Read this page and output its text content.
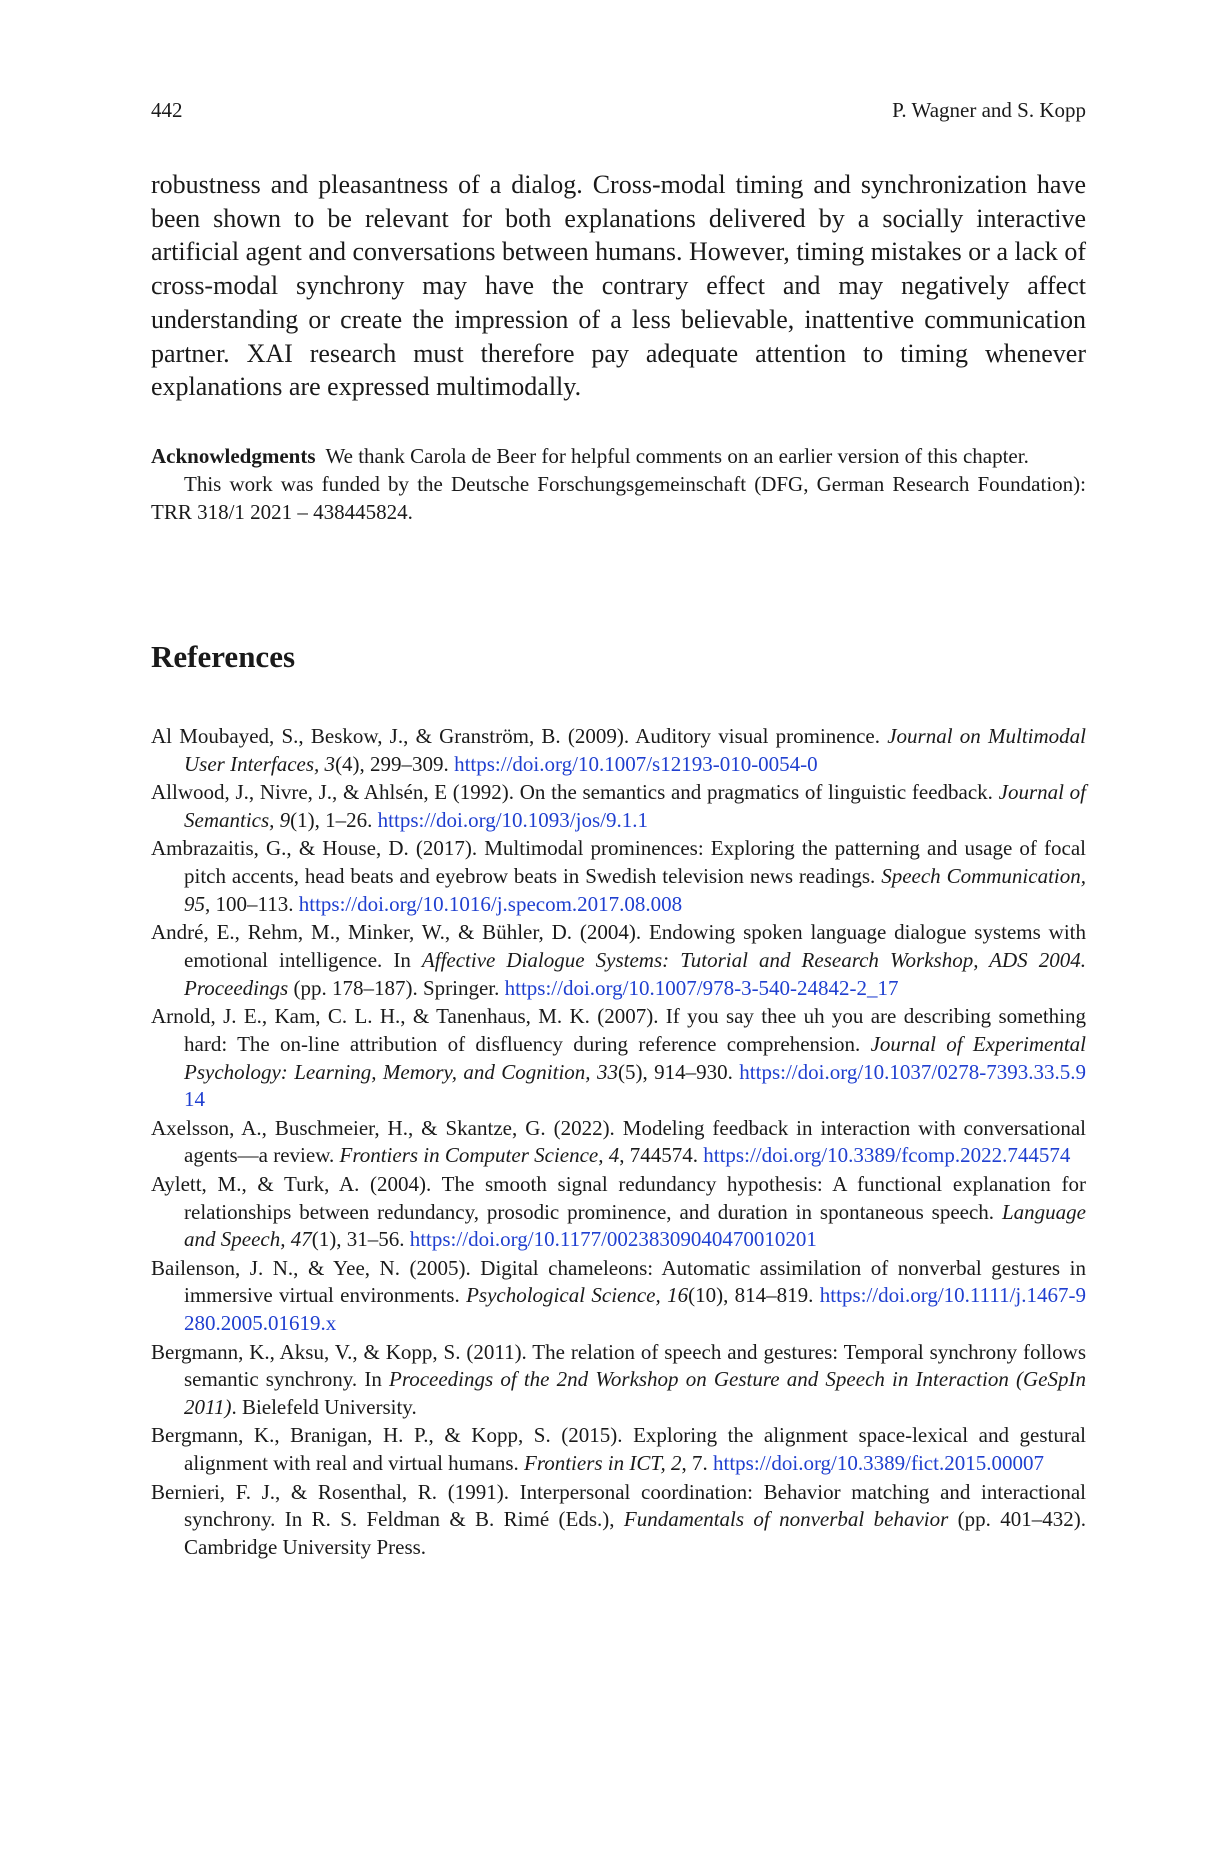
442	P. Wagner and S. Kopp

robustness and pleasantness of a dialog. Cross-modal timing and synchronization have been shown to be relevant for both explanations delivered by a socially interactive artificial agent and conversations between humans. However, timing mistakes or a lack of cross-modal synchrony may have the contrary effect and may negatively affect understanding or create the impression of a less believable, inattentive communication partner. XAI research must therefore pay adequate attention to timing whenever explanations are expressed multimodally.

Acknowledgments We thank Carola de Beer for helpful comments on an earlier version of this chapter.

This work was funded by the Deutsche Forschungsgemeinschaft (DFG, German Research Foundation): TRR 318/1 2021 – 438445824.

References
Al Moubayed, S., Beskow, J., & Granström, B. (2009). Auditory visual prominence. Journal on Multimodal User Interfaces, 3(4), 299–309. https://doi.org/10.1007/s12193-010-0054-0
Allwood, J., Nivre, J., & Ahlsén, E (1992). On the semantics and pragmatics of linguistic feedback. Journal of Semantics, 9(1), 1–26. https://doi.org/10.1093/jos/9.1.1
Ambrazaitis, G., & House, D. (2017). Multimodal prominences: Exploring the patterning and usage of focal pitch accents, head beats and eyebrow beats in Swedish television news readings. Speech Communication, 95, 100–113. https://doi.org/10.1016/j.specom.2017.08.008
André, E., Rehm, M., Minker, W., & Bühler, D. (2004). Endowing spoken language dialogue systems with emotional intelligence. In Affective Dialogue Systems: Tutorial and Research Workshop, ADS 2004. Proceedings (pp. 178–187). Springer. https://doi.org/10.1007/978-3-540-24842-2_17
Arnold, J. E., Kam, C. L. H., & Tanenhaus, M. K. (2007). If you say thee uh you are describing something hard: The on-line attribution of disfluency during reference comprehension. Journal of Experimental Psychology: Learning, Memory, and Cognition, 33(5), 914–930. https://doi.org/10.1037/0278-7393.33.5.914
Axelsson, A., Buschmeier, H., & Skantze, G. (2022). Modeling feedback in interaction with conversational agents—a review. Frontiers in Computer Science, 4, 744574. https://doi.org/10.3389/fcomp.2022.744574
Aylett, M., & Turk, A. (2004). The smooth signal redundancy hypothesis: A functional explanation for relationships between redundancy, prosodic prominence, and duration in spontaneous speech. Language and Speech, 47(1), 31–56. https://doi.org/10.1177/00238309040470010201
Bailenson, J. N., & Yee, N. (2005). Digital chameleons: Automatic assimilation of nonverbal gestures in immersive virtual environments. Psychological Science, 16(10), 814–819. https://doi.org/10.1111/j.1467-9280.2005.01619.x
Bergmann, K., Aksu, V., & Kopp, S. (2011). The relation of speech and gestures: Temporal synchrony follows semantic synchrony. In Proceedings of the 2nd Workshop on Gesture and Speech in Interaction (GeSpIn 2011). Bielefeld University.
Bergmann, K., Branigan, H. P., & Kopp, S. (2015). Exploring the alignment space-lexical and gestural alignment with real and virtual humans. Frontiers in ICT, 2, 7. https://doi.org/10.3389/fict.2015.00007
Bernieri, F. J., & Rosenthal, R. (1991). Interpersonal coordination: Behavior matching and interactional synchrony. In R. S. Feldman & B. Rimé (Eds.), Fundamentals of nonverbal behavior (pp. 401–432). Cambridge University Press.
